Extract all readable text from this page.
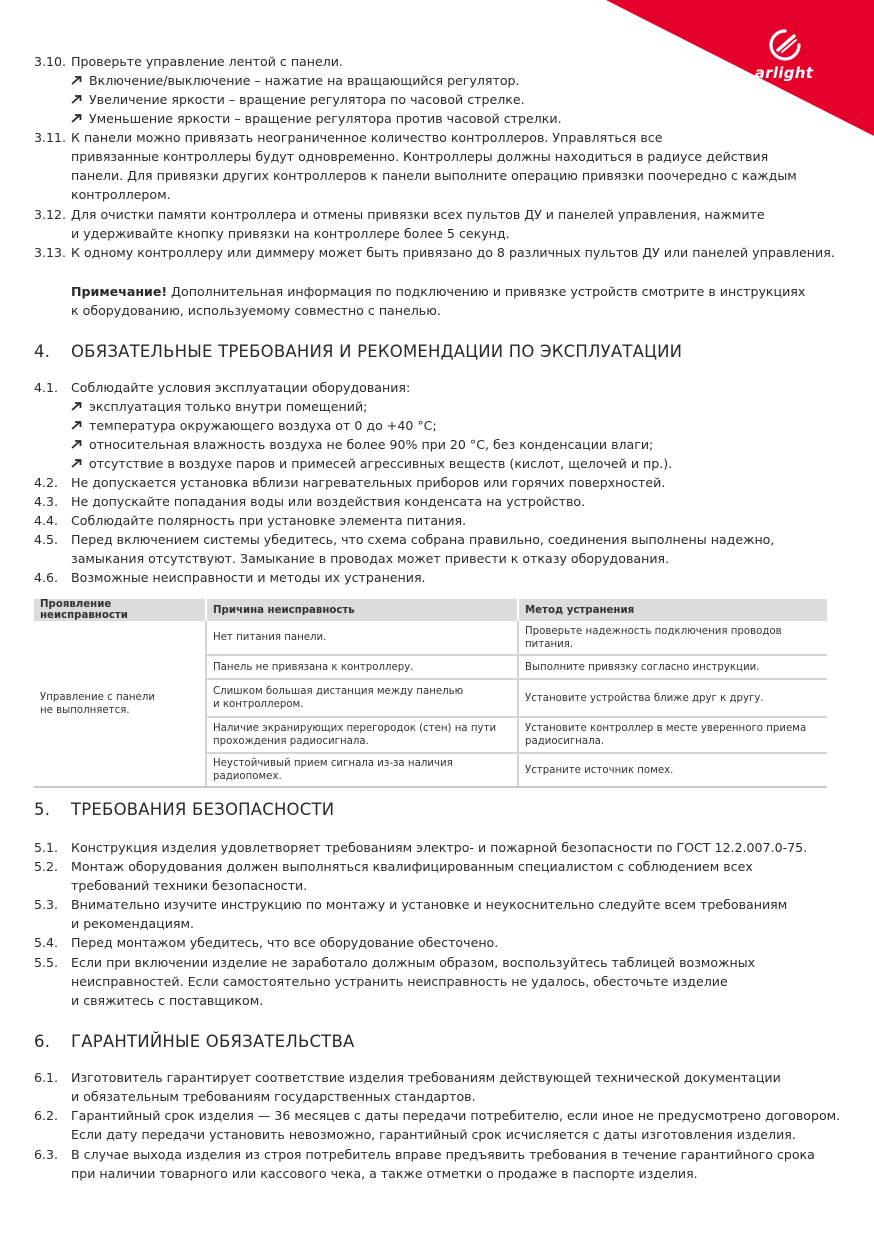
arlight
3.10. Проверьте управление лентой с панели.
Включение/выключение – нажатие на вращающийся регулятор.
Увеличение яркости – вращение регулятора по часовой стрелке.
Уменьшение яркости – вращение регулятора против часовой стрелки.
3.11. К панели можно привязать неограниченное количество контроллеров. Управляться все
привязанные контроллеры будут одновременно. Контроллеры должны находиться в радиусе действия
панели. Для привязки других контроллеров к панели выполните операцию привязки поочередно с каждым
контроллером.
3.12. Для очистки памяти контроллера и отмены привязки всех пультов ДУ и панелей управления, нажмите
и удерживайте кнопку привязки на контроллере более 5 секунд.
3.13. К одному контроллеру или диммеру может быть привязано до 8 различных пультов ДУ или панелей управления.
Примечание! Дополнительная информация по подключению и привязке устройств смотрите в инструкциях
к оборудованию, используемому совместно с панелью.
4. ОБЯЗАТЕЛЬНЫЕ ТРЕБОВАНИЯ И РЕКОМЕНДАЦИИ ПО ЭКСПЛУАТАЦИИ
4.1. Соблюдайте условия эксплуатации оборудования:
эксплуатация только внутри помещений;
температура окружающего воздуха от 0 до +40 °C;
относительная влажность воздуха не более 90% при 20 °C, без конденсации влаги;
отсутствие в воздухе паров и примесей агрессивных веществ (кислот, щелочей и пр.).
4.2. Не допускается установка вблизи нагревательных приборов или горячих поверхностей.
4.3. Не допускайте попадания воды или воздействия конденсата на устройство.
4.4. Соблюдайте полярность при установке элемента питания.
4.5. Перед включением системы убедитесь, что схема собрана правильно, соединения выполнены надежно,
замыкания отсутствуют. Замыкание в проводах может привести к отказу оборудования.
4.6. Возможные неисправности и методы их устранения.
Проявление неисправности	Причина неисправность	Метод устранения
Управление с панели
не выполняется.	Нет питания панели.	Проверьте надежность подключения проводов
питания.
	Панель не привязана к контроллеру.	Выполните привязку согласно инструкции.
	Слишком большая дистанция между панелью
и контроллером.	Установите устройства ближе друг к другу.
	Наличие экранирующих перегородок (стен) на пути
прохождения радиосигнала.	Установите контроллер в месте уверенного приема
радиосигнала.
	Неустойчивый прием сигнала из-за наличия
радиопомех.	Устраните источник помех.
5. ТРЕБОВАНИЯ БЕЗОПАСНОСТИ
5.1. Конструкция изделия удовлетворяет требованиям электро- и пожарной безопасности по ГОСТ 12.2.007.0-75.
5.2. Монтаж оборудования должен выполняться квалифицированным специалистом с соблюдением всех
требований техники безопасности.
5.3. Внимательно изучите инструкцию по монтажу и установке и неукоснительно следуйте всем требованиям
и рекомендациям.
5.4. Перед монтажом убедитесь, что все оборудование обесточено.
5.5. Если при включении изделие не заработало должным образом, воспользуйтесь таблицей возможных
неисправностей. Если самостоятельно устранить неисправность не удалось, обесточьте изделие
и свяжитесь с поставщиком.
6. ГАРАНТИЙНЫЕ ОБЯЗАТЕЛЬСТВА
6.1. Изготовитель гарантирует соответствие изделия требованиям действующей технической документации
и обязательным требованиям государственных стандартов.
6.2. Гарантийный срок изделия — 36 месяцев с даты передачи потребителю, если иное не предусмотрено договором.
Если дату передачи установить невозможно, гарантийный срок исчисляется с даты изготовления изделия.
6.3. В случае выхода изделия из строя потребитель вправе предъявить требования в течение гарантийного срока
при наличии товарного или кассового чека, а также отметки о продаже в паспорте изделия.
